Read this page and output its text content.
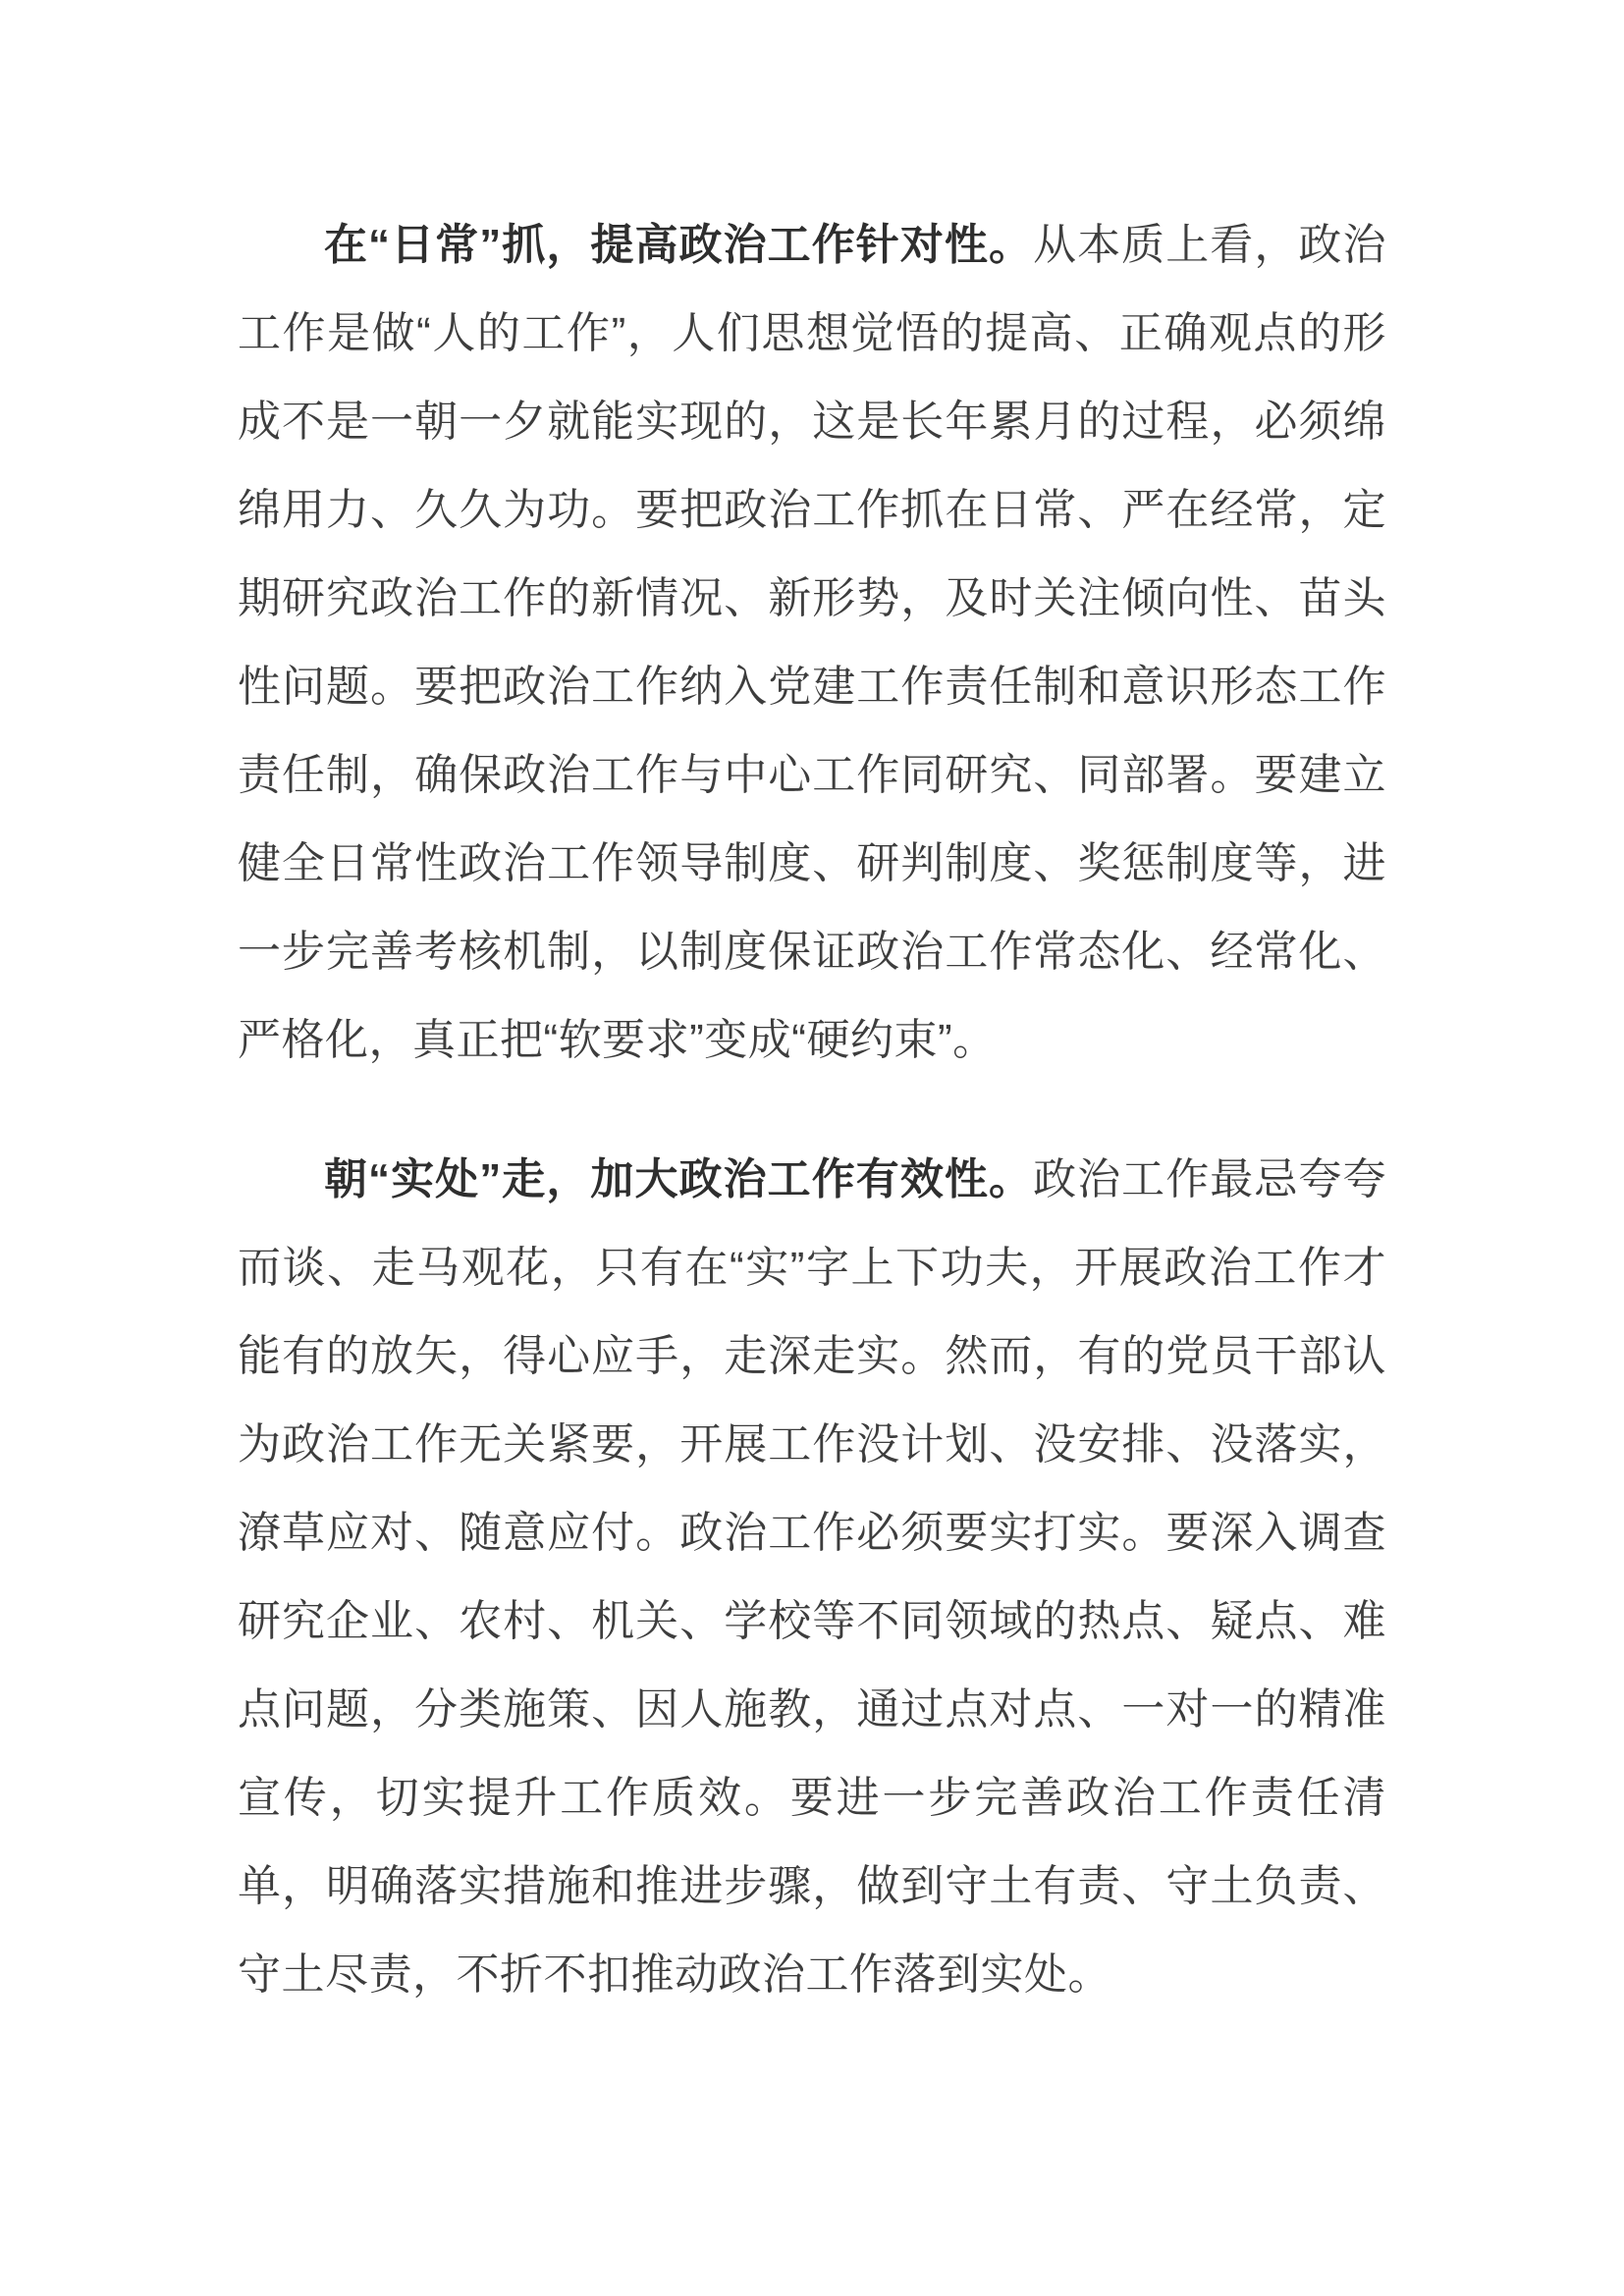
在“日常”抓，提高政治工作针对性。从本质上看，政治工作是做“人的工作”，人们思想觉悟的提高、正确观点的形成不是一朝一夕就能实现的，这是长年累月的过程，必须绵绵用力、久久为功。要把政治工作抓在日常、严在经常，定期研究政治工作的新情况、新形势，及时关注倾向性、苗头性问题。要把政治工作纳入党建工作责任制和意识形态工作责任制，确保政治工作与中心工作同研究、同部署。要建立健全日常性政治工作领导制度、研判制度、奖惩制度等，进一步完善考核机制，以制度保证政治工作常态化、经常化、严格化，真正把“软要求”变成“硬约束”。

朝“实处”走，加大政治工作有效性。政治工作最忌夸夸而谈、走马观花，只有在“实”字上下功夫，开展政治工作才能有的放矢，得心应手，走深走实。然而，有的党员干部认为政治工作无关紧要，开展工作没计划、没安排、没落实，潦草应对、随意应付。政治工作必须要实打实。要深入调查研究企业、农村、机关、学校等不同领域的热点、疑点、难点问题，分类施策、因人施教，通过点对点、一对一的精准宣传，切实提升工作质效。要进一步完善政治工作责任清单，明确落实措施和推进步骤，做到守土有责、守土负责、守土尽责，不折不扣推动政治工作落到实处。
